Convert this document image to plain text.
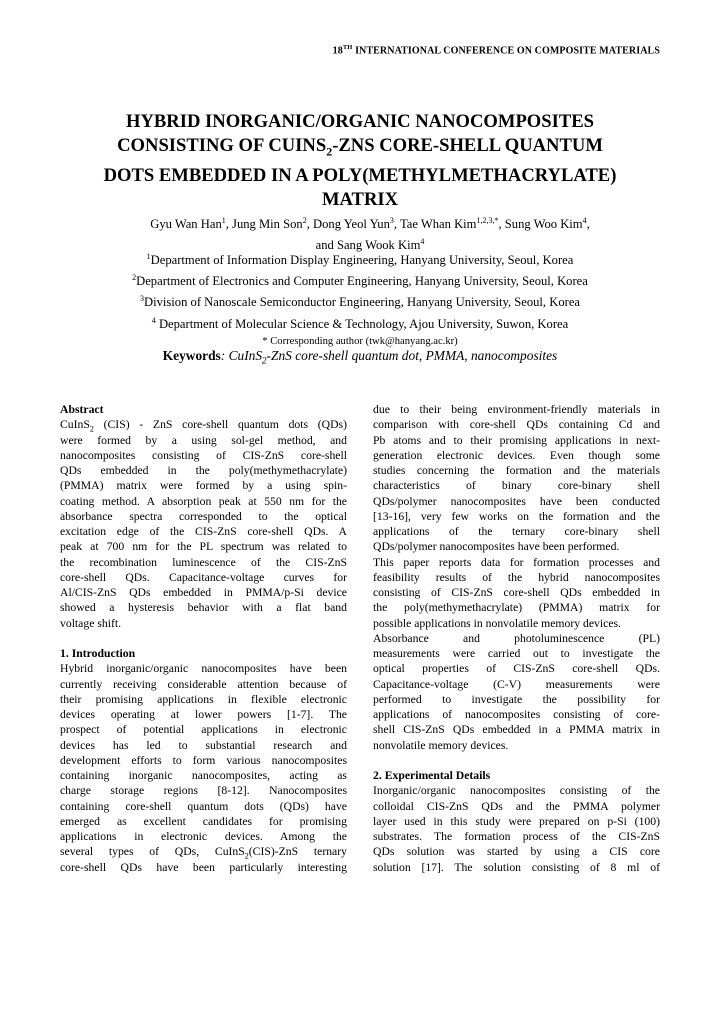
18TH INTERNATIONAL CONFERENCE ON COMPOSITE MATERIALS
HYBRID INORGANIC/ORGANIC NANOCOMPOSITES
CONSISTING OF $CUINS_2$-ZNS CORE-SHELL QUANTUM
DOTS EMBEDDED IN A POLY(METHYLMETHACRYLATE)
MATRIX
Gyu Wan Han$^1$, Jung Min Son$^2$, Dong Yeol Yun$^3$, Tae Whan Kim$^{1,2,3,*}$, Sung Woo Kim$^4$,
and Sang Wook Kim$^4$
$^1$Department of Information Display Engineering, Hanyang University, Seoul, Korea
$^2$Department of Electronics and Computer Engineering, Hanyang University, Seoul, Korea
$^3$Division of Nanoscale Semiconductor Engineering, Hanyang University, Seoul, Korea
$^4$ Department of Molecular Science & Technology, Ajou University, Suwon, Korea
* Corresponding author (twk@hanyang.ac.kr)
Keywords: CuInS$_2$-ZnS core-shell quantum dot, PMMA, nanocomposites
Abstract
CuInS$_2$ (CIS) - ZnS core-shell quantum dots (QDs)
were formed by a using sol-gel method, and
nanocomposites consisting of CIS-ZnS core-shell
QDs embedded in the poly(methymethacrylate)
(PMMA) matrix were formed by a using spin-
coating method. A absorption peak at 550 nm for the
absorbance spectra corresponded to the optical
excitation edge of the CIS-ZnS core-shell QDs. A
peak at 700 nm for the PL spectrum was related to
the recombination luminescence of the CIS-ZnS
core-shell QDs. Capacitance-voltage curves for
Al/CIS-ZnS QDs embedded in PMMA/p-Si device
showed a hysteresis behavior with a flat band
voltage shift.
1. Introduction
Hybrid inorganic/organic nanocomposites have been
currently receiving considerable attention because of
their promising applications in flexible electronic
devices operating at lower powers [1-7]. The
prospect of potential applications in electronic
devices has led to substantial research and
development efforts to form various nanocomposites
containing inorganic nanocomposites, acting as
charge storage regions [8-12]. Nanocomposites
containing core-shell quantum dots (QDs) have
emerged as excellent candidates for promising
applications in electronic devices. Among the
several types of QDs, CuInS$_2$(CIS)-ZnS ternary
core-shell QDs have been particularly interesting
due to their being environment-friendly materials in
comparison with core-shell QDs containing Cd and
Pb atoms and to their promising applications in next-
generation electronic devices. Even though some
studies concerning the formation and the materials
characteristics of binary core-binary shell
QDs/polymer nanocomposites have been conducted
[13-16], very few works on the formation and the
applications of the ternary core-binary shell
QDs/polymer nanocomposites have been performed.
This paper reports data for formation processes and
feasibility results of the hybrid nanocomposites
consisting of CIS-ZnS core-shell QDs embedded in
the poly(methymethacrylate) (PMMA) matrix for
possible applications in nonvolatile memory devices.
Absorbance and photoluminescence (PL)
measurements were carried out to investigate the
optical properties of CIS-ZnS core-shell QDs.
Capacitance-voltage (C-V) measurements were
performed to investigate the possibility for
applications of nanocomposites consisting of core-
shell CIS-ZnS QDs embedded in a PMMA matrix in
nonvolatile memory devices.
2. Experimental Details
Inorganic/organic nanocomposites consisting of the
colloidal CIS-ZnS QDs and the PMMA polymer
layer used in this study were prepared on p-Si (100)
substrates. The formation process of the CIS-ZnS
QDs solution was started by using a CIS core
solution [17]. The solution consisting of 8 ml of
